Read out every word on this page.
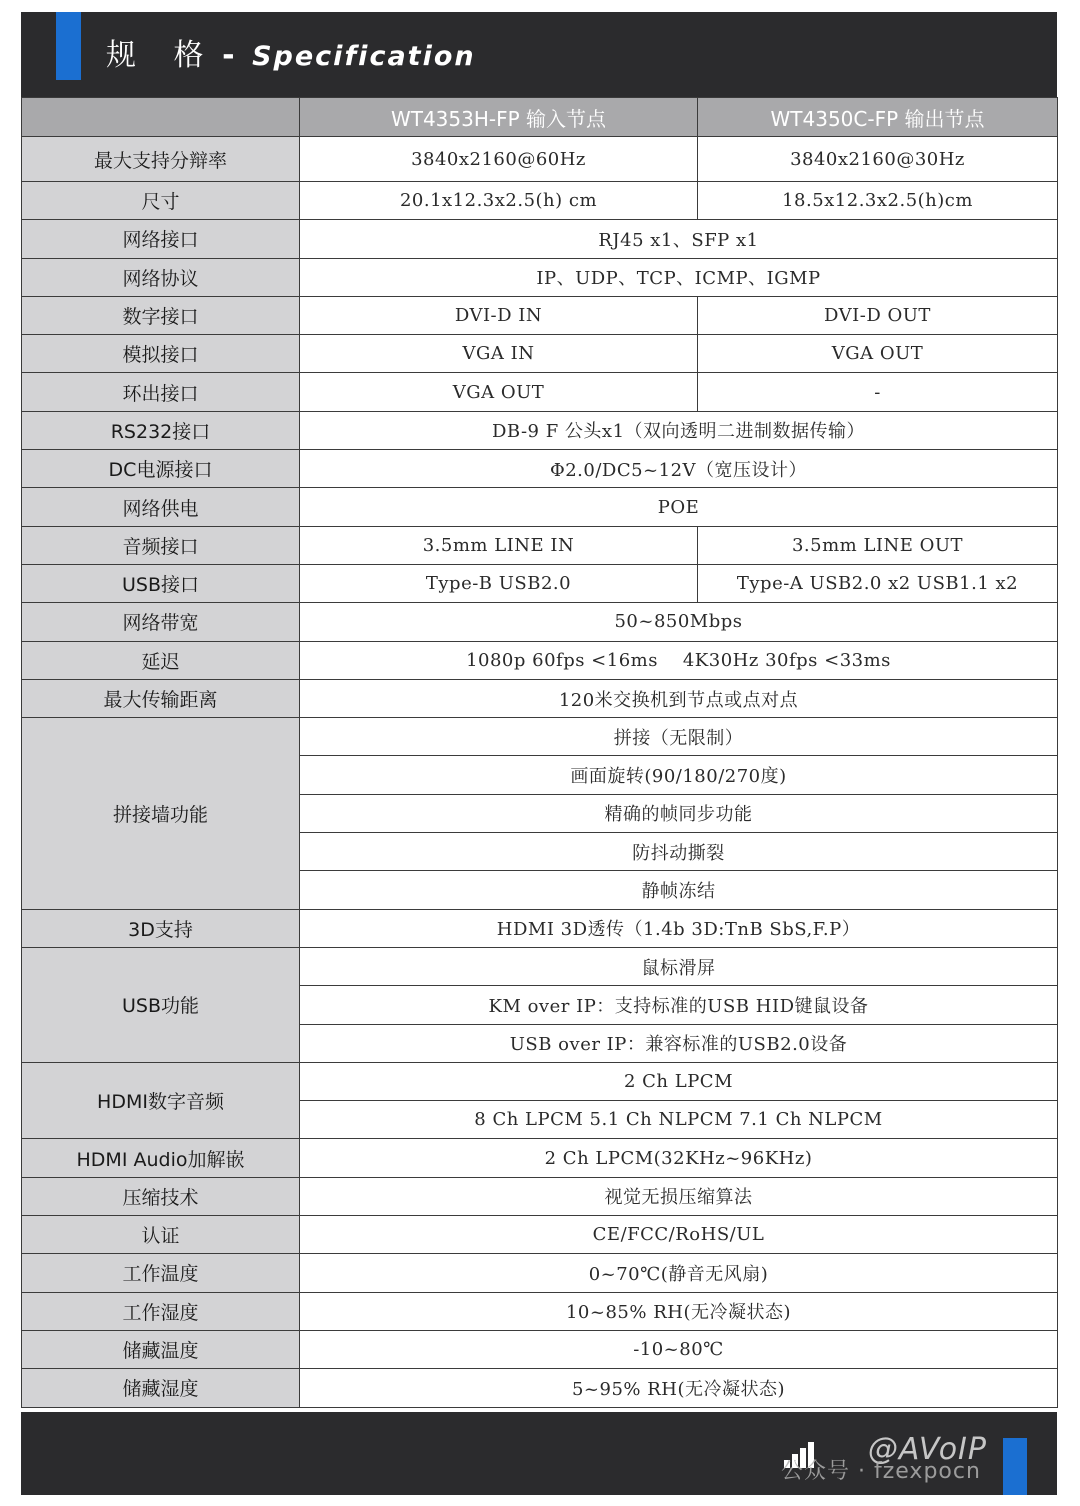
规 格 - Specification
	WT4353H-FP 输入节点	WT4350C-FP 输出节点
最大支持分辩率	3840x2160@60Hz	3840x2160@30Hz
尺寸	20.1x12.3x2.5(h) cm	18.5x12.3x2.5(h)cm
网络接口	RJ45 x1、SFP x1	
网络协议	IP、UDP、TCP、ICMP、IGMP	
数字接口	DVI-D IN	DVI-D OUT
模拟接口	VGA IN	VGA OUT
环出接口	VGA OUT	-
RS232接口	DB-9 F 公头x1（双向透明二进制数据传输）	
DC电源接口	Φ2.0/DC5~12V（宽压设计）	
网络供电	POE	
音频接口	3.5mm LINE IN	3.5mm LINE OUT
USB接口	Type-B USB2.0	Type-A USB2.0 x2 USB1.1 x2
网络带宽	50~850Mbps	
延迟	1080p 60fps <16ms    4K30Hz 30fps <33ms	
最大传输距离	120米交换机到节点或点对点	
拼接墙功能	拼接（无限制）	
	画面旋转(90/180/270度)	
	精确的帧同步功能	
	防抖动撕裂	
	静帧冻结	
3D支持	HDMI 3D透传（1.4b 3D:TnB SbS,F.P）	
USB功能	鼠标滑屏	
	KM over IP：支持标准的USB HID键鼠设备	
	USB over IP：兼容标准的USB2.0设备	
HDMI数字音频	2 Ch LPCM	
	8 Ch LPCM 5.1 Ch NLPCM 7.1 Ch NLPCM	
HDMI Audio加解嵌	2 Ch LPCM(32KHz~96KHz)	
压缩技术	视觉无损压缩算法	
认证	CE/FCC/RoHS/UL	
工作温度	0~70℃(静音无风扇)	
工作湿度	10~85% RH(无冷凝状态)	
储藏温度	-10~80℃	
储藏湿度	5~95% RH(无冷凝状态)	
@AVoIP
公众号 · fzexpocn
